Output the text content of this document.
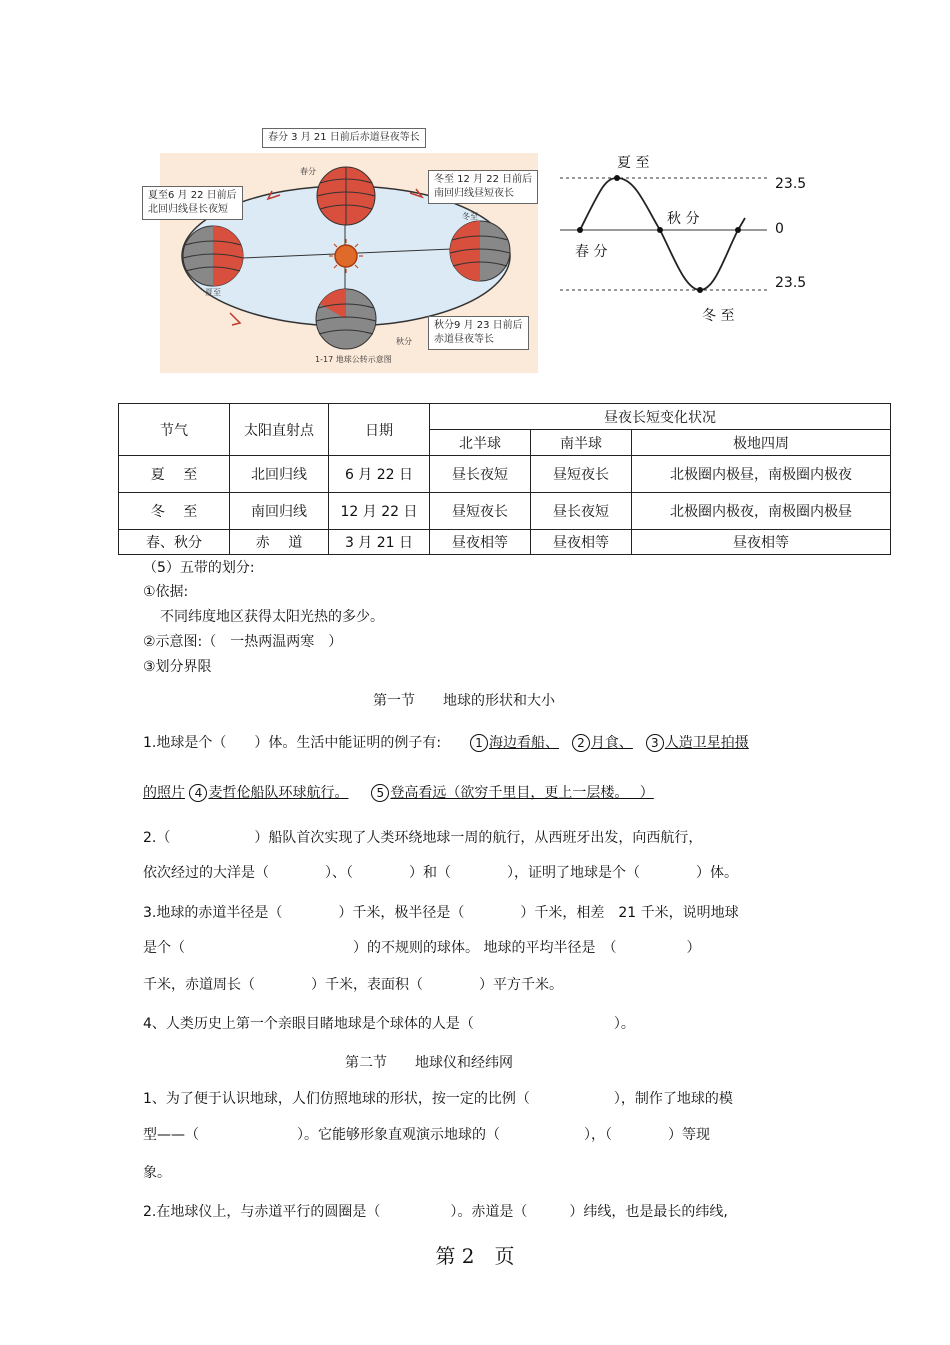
春分 3 月 21 日前后赤道昼夜等长
春分
夏至
冬至
秋分
1-17 地球公转示意图
夏至6 月 22 日前后
北回归线昼长夜短
冬至 12 月 22 日前后
南回归线昼短夜长
秋分9 月 23 日前后
赤道昼夜等长
夏 至
秋 分
春 分
冬 至
23.5
0
23.5
节气	太阳直射点	日期	昼夜长短变化状况		
			北半球	南半球	极地四周
夏　 至	北回归线	6 月 22 日	昼长夜短	昼短夜长	北极圈内极昼，南极圈内极夜
冬　 至	南回归线	12 月 22 日	昼短夜长	昼长夜短	北极圈内极夜，南极圈内极昼
春、秋分	赤　 道	3 月 21 日	昼夜相等	昼夜相等	昼夜相等
（5）五带的划分:
①依据:
不同纬度地区获得太阳光热的多少。
②示意图:（　一热两温两寒　）
③划分界限
第一节　　地球的形状和大小
1.地球是个（　　）体。生活中能证明的例子有:	1 海边看船、 2 月食、 3 人造卫星拍摄
的照片 4 麦哲伦船队环球航行。 5 登高看远（欲穷千里目，更上一层楼。　 ）
2.（　　　　　　）船队首次实现了人类环绕地球一周的航行，从西班牙出发，向西航行，
依次经过的大洋是（　　　　）、（　　　　）和（　　　　），证明了地球是个（　　　　）体。
3.地球的赤道半径是（　　　　）千米，极半径是（　　　　）千米，相差　21 千米，说明地球
是个（　　　　　　　　　　　　）的不规则的球体。 地球的平均半径是　（　　　　　）
千米，赤道周长（　　　　）千米，表面积（　　　　）平方千米。
4、人类历史上第一个亲眼目睹地球是个球体的人是（　　　　　　　　　　）。
第二节　　地球仪和经纬网
1、为了便于认识地球，人们仿照地球的形状，按一定的比例（　　　　　　），制作了地球的模
型——（　　　　　　　）。它能够形象直观演示地球的（　　　　　　），（　　　　）等现
象。
2.在地球仪上，与赤道平行的圆圈是（　　　　　）。赤道是（　　　）纬线，也是最长的纬线,
第 2　页
